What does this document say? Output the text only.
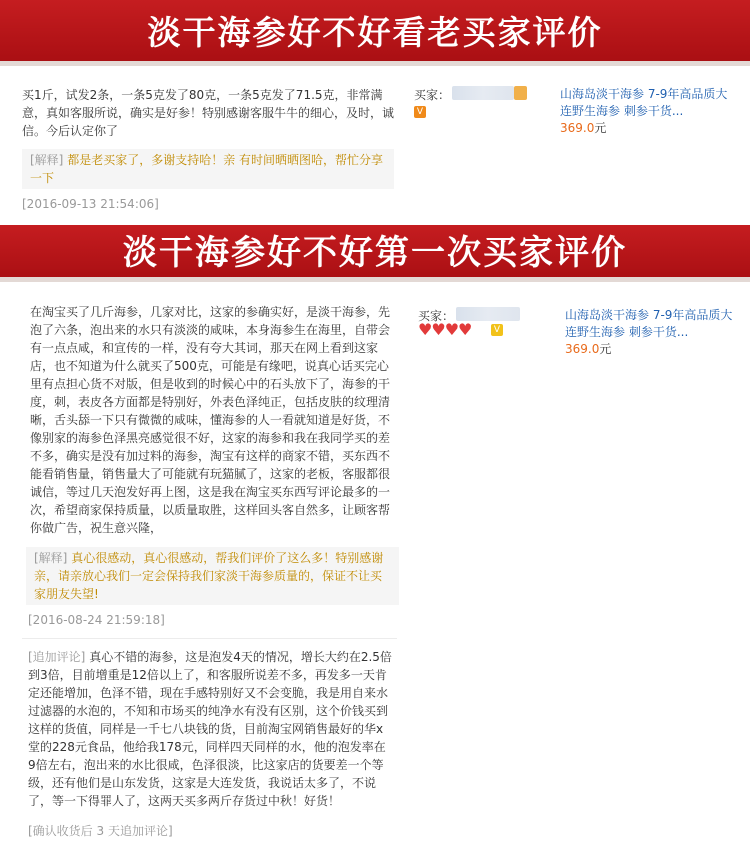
淡干海参好不好看老买家评价
买1斤，试发2条，一条5克发了80克，一条5克发了71.5克，非常满意，真如客服所说，确实是好参！特别感谢客服牛牛的细心，及时，诚信。今后认定你了
[解释] 都是老买家了，多谢支持哈！亲 有时间晒晒图哈，帮忙分享一下
[2016-09-13 21:54:06]
买家：
V
山海岛淡干海参 7-9年高品质大连野生海参 刺参干货...
369.0元
淡干海参好不好第一次买家评价
在淘宝买了几斤海参，几家对比，这家的参确实好，是淡干海参，先泡了六条，泡出来的水只有淡淡的咸味，本身海参生在海里，自带会有一点点咸，和宣传的一样，没有夸大其词，那天在网上看到这家店，也不知道为什么就买了500克，可能是有缘吧，说真心话买完心里有点担心货不对版，但是收到的时候心中的石头放下了，海参的干度，刺，表皮各方面都是特别好，外表色泽纯正，包括皮肤的纹理清晰，舌头舔一下只有微微的咸味，懂海参的人一看就知道是好货，不像别家的海参色泽黑亮感觉很不好，这家的海参和我在我同学买的差不多，确实是没有加过料的海参，淘宝有这样的商家不错，买东西不能看销售量，销售量大了可能就有玩猫腻了，这家的老板，客服都很诚信，等过几天泡发好再上图，这是我在淘宝买东西写评论最多的一次，希望商家保持质量，以质量取胜，这样回头客自然多，让顾客帮你做广告，祝生意兴隆，
[解释] 真心很感动，真心很感动，帮我们评价了这么多！特别感谢亲，请亲放心我们一定会保持我们家淡干海参质量的，保证不让买家朋友失望!
[2016-08-24 21:59:18]
[追加评论] 真心不错的海参，这是泡发4天的情况，增长大约在2.5倍到3倍，目前增重是12倍以上了，和客服所说差不多，再发多一天肯定还能增加，色泽不错，现在手感特别好又不会变脆，我是用自来水过滤器的水泡的，不知和市场买的纯净水有没有区别，这个价钱买到这样的货值，同样是一千七八块钱的货，目前淘宝网销售最好的华x堂的228元食品，他给我178元，同样四天同样的水，他的泡发率在9倍左右，泡出来的水比很咸，色泽很淡，比这家店的货要差一个等级，还有他们是山东发货，这家是大连发货，我说话太多了，不说了，等一下得罪人了，这两天买多两斤存货过中秋！好货！
[确认收货后 3 天追加评论]
买家：
♥♥♥♥	V
山海岛淡干海参 7-9年高品质大连野生海参 刺参干货...
369.0元
